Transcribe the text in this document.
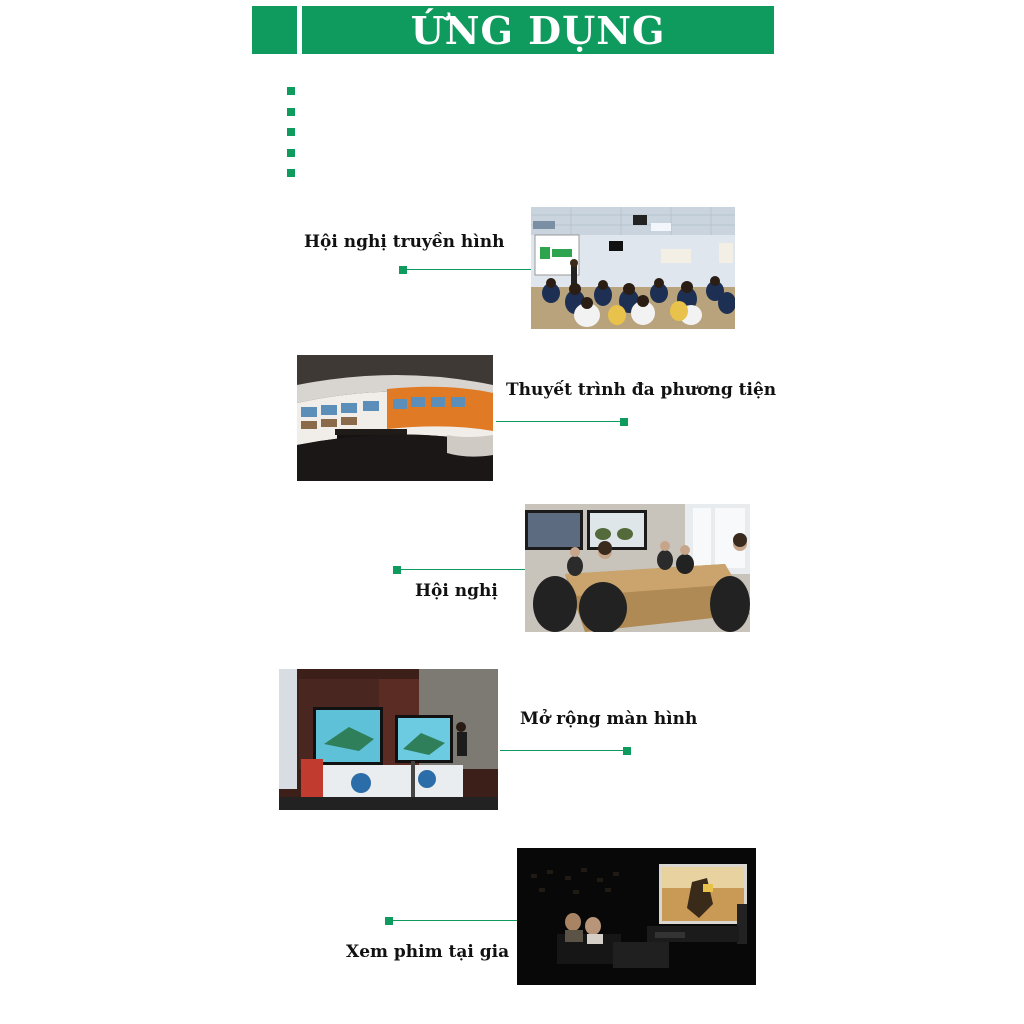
ỨNG DỤNG
Hội nghị truyền hình
Thuyết trình đa phương tiện
Hội nghị
Mở rộng màn hình
Xem phim tại gia
